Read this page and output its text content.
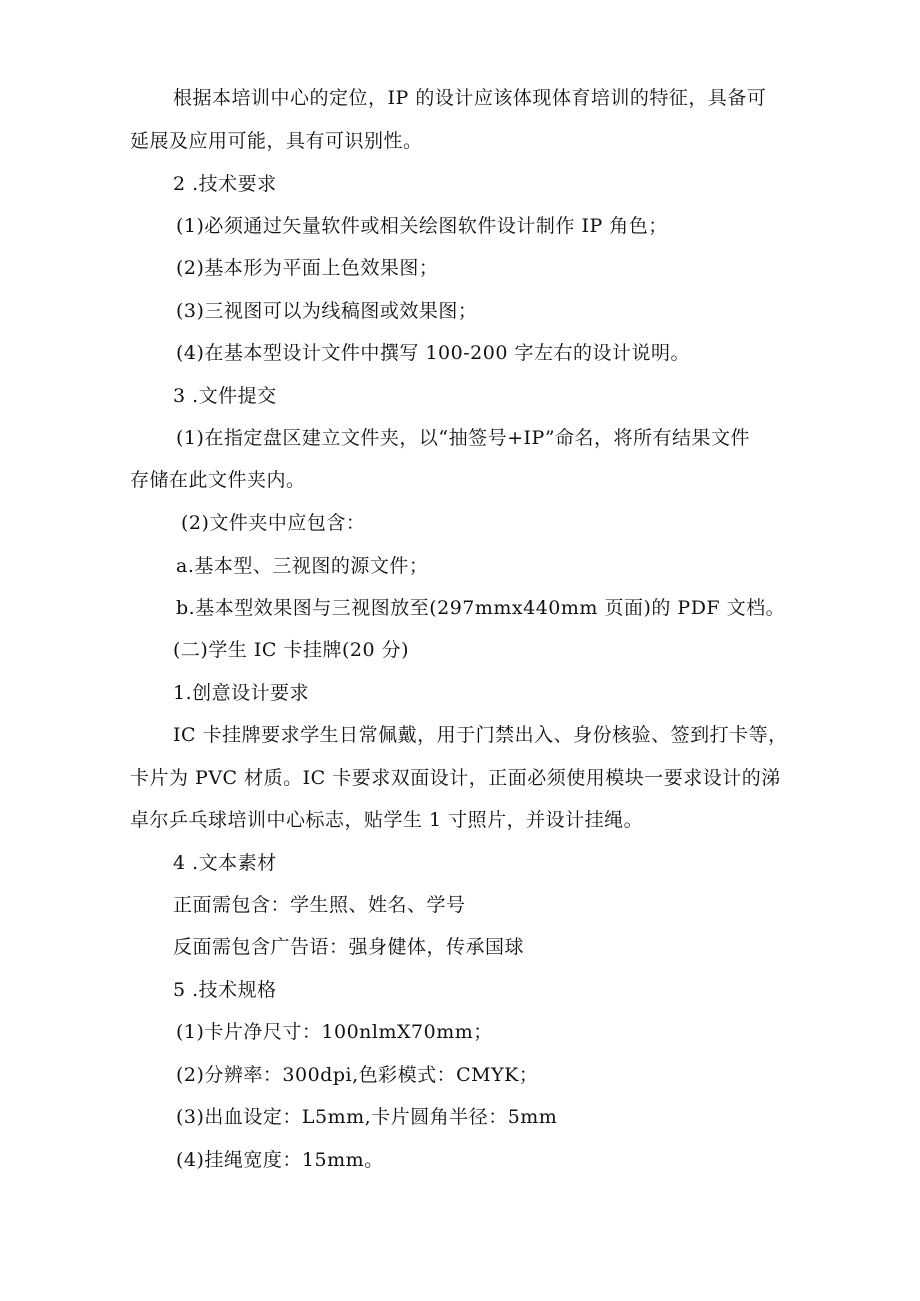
根据本培训中心的定位，IP 的设计应该体现体育培训的特征，具备可
延展及应用可能，具有可识别性。
2 .技术要求
(1)必须通过矢量软件或相关绘图软件设计制作 IP 角色；
(2)基本形为平面上色效果图；
(3)三视图可以为线稿图或效果图；
(4)在基本型设计文件中撰写 100-200 字左右的设计说明。
3 .文件提交
(1)在指定盘区建立文件夹，以“抽签号+IP”命名，将所有结果文件
存储在此文件夹内。
(2)文件夹中应包含：
a.基本型、三视图的源文件；
b.基本型效果图与三视图放至(297mmx440mm 页面)的 PDF 文档。
(二)学生 IC 卡挂牌(20 分)
1.创意设计要求
IC 卡挂牌要求学生日常佩戴，用于门禁出入、身份核验、签到打卡等，
卡片为 PVC 材质。IC 卡要求双面设计，正面必须使用模块一要求设计的涕
卓尔乒乓球培训中心标志，贴学生 1 寸照片，并设计挂绳。
4 .文本素材
正面需包含：学生照、姓名、学号
反面需包含广告语：强身健体，传承国球
5 .技术规格
(1)卡片净尺寸：100nlmX70mm；
(2)分辨率：300dpi,色彩模式：CMYK；
(3)出血设定：L5mm,卡片圆角半径：5mm
(4)挂绳宽度：15mm。
